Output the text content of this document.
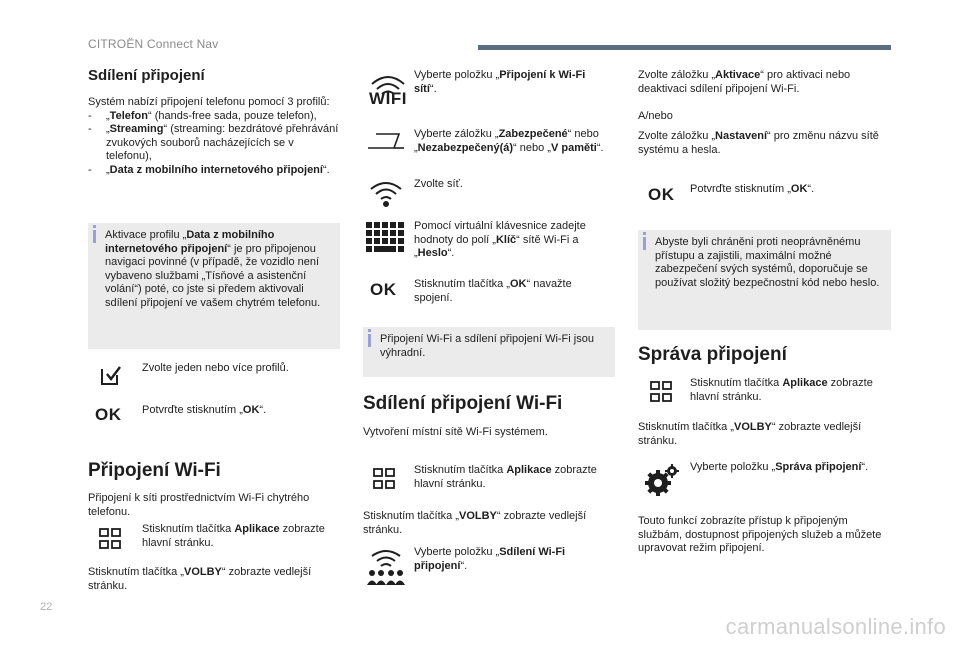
CITROËN Connect Nav
22
carmanualsonline.info
Sdílení připojení

Systém nabízí připojení telefonu pomocí 3 profilů:

- „Telefon“ (hands-free sada, pouze telefon),
- „Streaming“ (streaming: bezdrátové přehrávání zvukových souborů nacházejících se v telefonu),
- „Data z mobilního internetového připojení“.

Aktivace profilu „Data z mobilního internetového připojení“ je pro připojenou navigaci povinné (v případě, že vozidlo není vybaveno službami „Tísňové a asistenční volání“) poté, co jste si předem aktivovali sdílení připojení ve vašem chytrém telefonu.

Zvolte jeden nebo více profilů.

OK Potvrďte stisknutím „OK“.

Připojení Wi-Fi

Připojení k síti prostřednictvím Wi-Fi chytrého telefonu.

Stisknutím tlačítka Aplikace zobrazte hlavní stránku.

Stisknutím tlačítka „VOLBY“ zobrazte vedlejší stránku.

WIFI

Vyberte položku „Připojení k Wi-Fi sítí“.

Vyberte záložku „Zabezpečené“ nebo „Nezabezpečený(á)“ nebo „V paměti“.

Zvolte síť.

Pomocí virtuální klávesnice zadejte hodnoty do polí „Klíč“ sítě Wi-Fi a „Heslo“.

OK Stisknutím tlačítka „OK“ navažte spojení.

Připojení Wi-Fi a sdílení připojení Wi-Fi jsou výhradní.

Sdílení připojení Wi-Fi

Vytvoření místní sítě Wi-Fi systémem.

Stisknutím tlačítka Aplikace zobrazte hlavní stránku.

Stisknutím tlačítka „VOLBY“ zobrazte vedlejší stránku.

Vyberte položku „Sdílení Wi-Fi připojení“.

Zvolte záložku „Aktivace“ pro aktivaci nebo deaktivaci sdílení připojení Wi-Fi.

A/nebo

Zvolte záložku „Nastavení“ pro změnu názvu sítě systému a hesla.

OK Potvrďte stisknutím „OK“.

Abyste byli chráněni proti neoprávněnému přístupu a zajistili, maximální možné zabezpečení svých systémů, doporučuje se používat složitý bezpečnostní kód nebo heslo.

Správa připojení

Stisknutím tlačítka Aplikace zobrazte hlavní stránku.

Stisknutím tlačítka „VOLBY“ zobrazte vedlejší stránku.

Vyberte položku „Správa připojení“.

Touto funkcí zobrazíte přístup k připojeným službám, dostupnost připojených služeb a můžete upravovat režim připojení.
